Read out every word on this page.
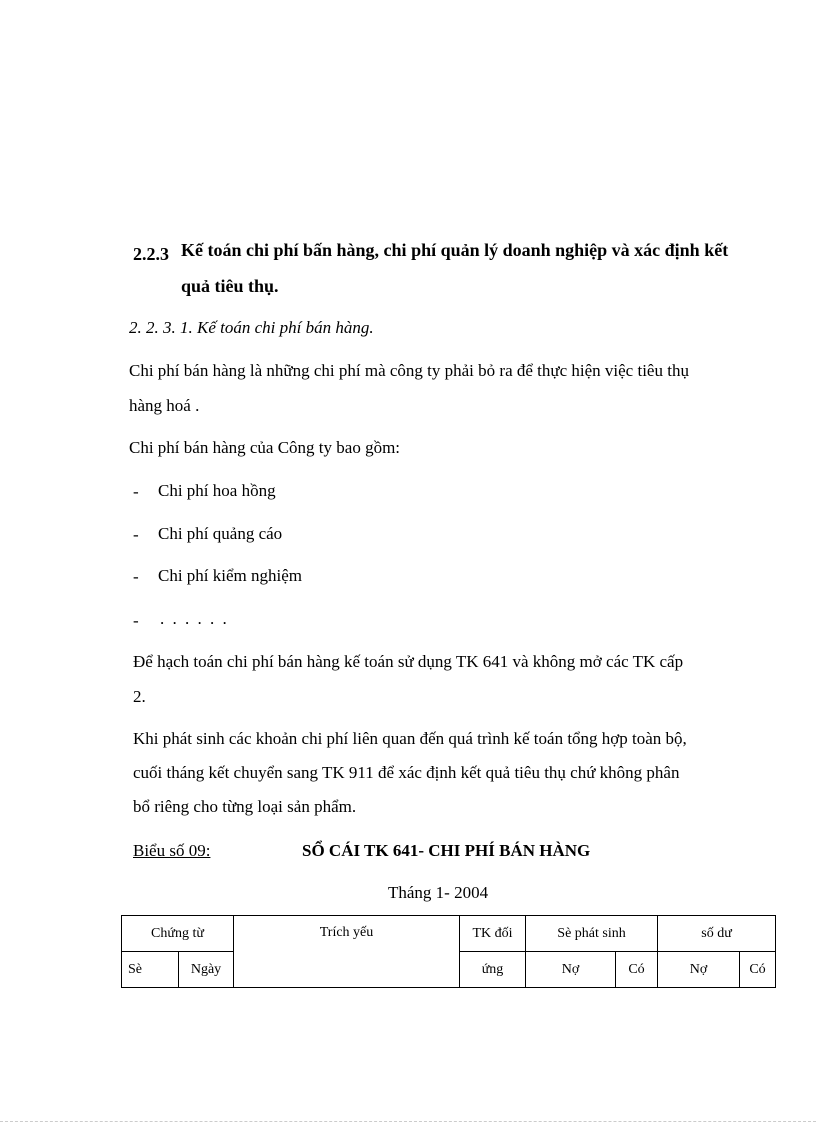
2.2.3 Kế toán chi phí bấn hàng, chi phí quản lý doanh nghiệp và xác định kết
quả tiêu thụ.
2. 2. 3. 1. Kế toán chi phí bán hàng.
Chi phí bán hàng là những chi phí mà công ty phải bỏ ra để thực hiện việc tiêu thụ
hàng hoá .
Chi phí bán hàng của Công ty bao gồm:
- Chi phí hoa hồng
- Chi phí quảng cáo
- Chi phí kiểm nghiệm
- . . . . . .
Để hạch toán chi phí bán hàng kế toán sử dụng TK 641 và không mở các TK cấp
2.
Khi phát sinh các khoản chi phí liên quan đến quá trình kế toán tổng hợp toàn bộ,
cuối tháng kết chuyển sang TK 911 để xác định kết quả tiêu thụ chứ không phân
bổ riêng cho từng loại sản phẩm.
Biểu số 09:	SỔ CÁI TK 641- CHI PHÍ BÁN HÀNG
Tháng 1- 2004
Chứng từ		Trích yếu	TK đối	Sè phát sinh		số dư	
Sè	Ngày		ứng	Nợ	Có	Nợ	Có
